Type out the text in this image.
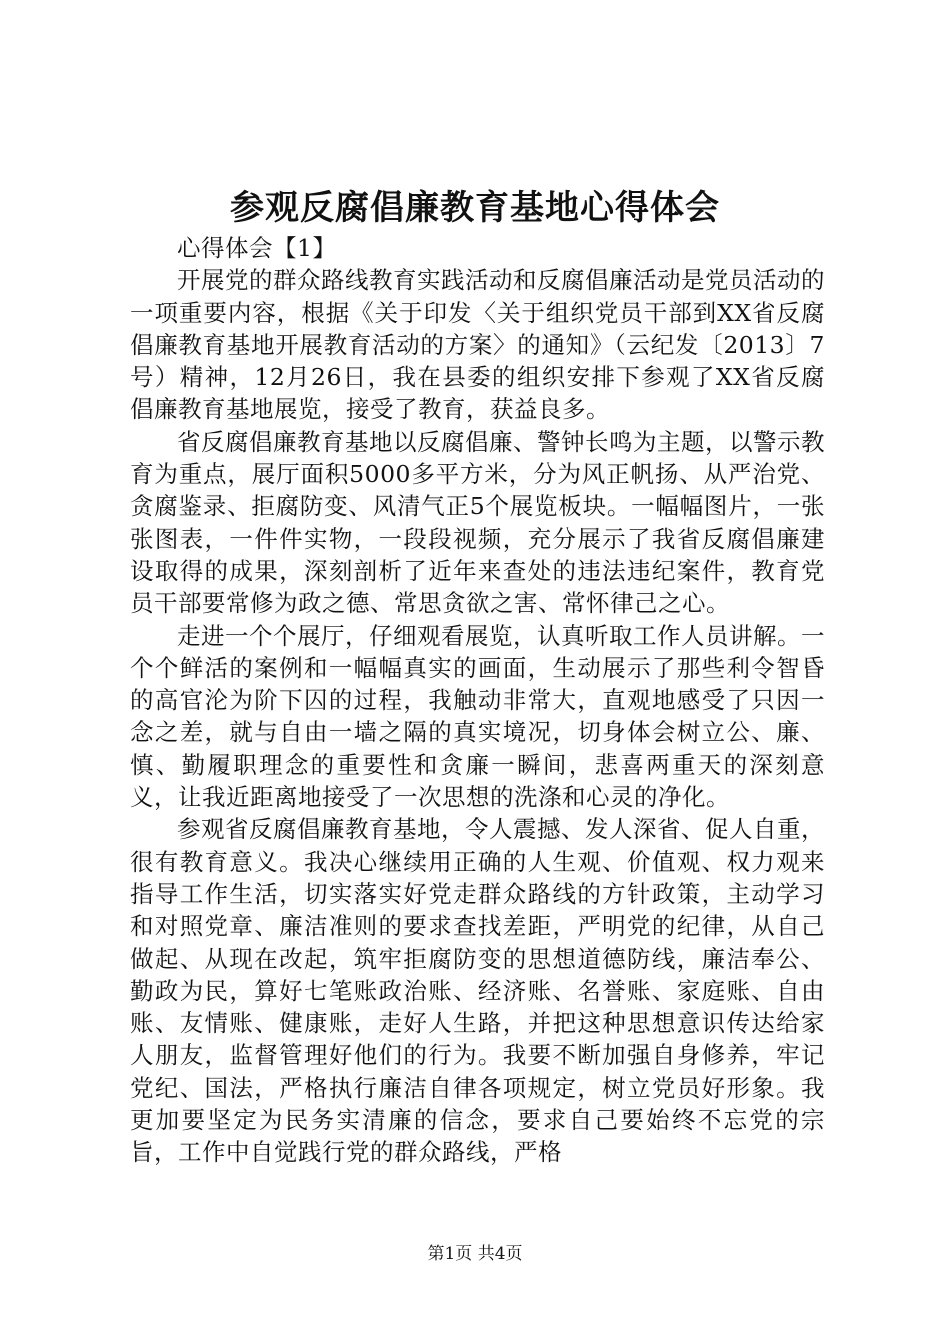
参观反腐倡廉教育基地心得体会

心得体会【1】

开展党的群众路线教育实践活动和反腐倡廉活动是党员活动的一项重要内容，根据《关于印发〈关于组织党员干部到XX省反腐倡廉教育基地开展教育活动的方案〉的通知》（云纪发〔2013〕7号）精神，12月26日，我在县委的组织安排下参观了XX省反腐倡廉教育基地展览，接受了教育，获益良多。

省反腐倡廉教育基地以反腐倡廉、警钟长鸣为主题，以警示教育为重点，展厅面积5000多平方米，分为风正帆扬、从严治党、贪腐鉴录、拒腐防变、风清气正5个展览板块。一幅幅图片，一张张图表，一件件实物，一段段视频，充分展示了我省反腐倡廉建设取得的成果，深刻剖析了近年来查处的违法违纪案件，教育党员干部要常修为政之德、常思贪欲之害、常怀律己之心。

走进一个个展厅，仔细观看展览，认真听取工作人员讲解。一个个鲜活的案例和一幅幅真实的画面，生动展示了那些利令智昏的高官沦为阶下囚的过程，我触动非常大，直观地感受了只因一念之差，就与自由一墙之隔的真实境况，切身体会树立公、廉、慎、勤履职理念的重要性和贪廉一瞬间，悲喜两重天的深刻意义，让我近距离地接受了一次思想的洗涤和心灵的净化。

参观省反腐倡廉教育基地，令人震撼、发人深省、促人自重，很有教育意义。我决心继续用正确的人生观、价值观、权力观来指导工作生活，切实落实好党走群众路线的方针政策，主动学习和对照党章、廉洁准则的要求查找差距，严明党的纪律，从自己做起、从现在改起，筑牢拒腐防变的思想道德防线，廉洁奉公、勤政为民，算好七笔账政治账、经济账、名誉账、家庭账、自由账、友情账、健康账，走好人生路，并把这种思想意识传达给家人朋友，监督管理好他们的行为。我要不断加强自身修养，牢记党纪、国法，严格执行廉洁自律各项规定，树立党员好形象。我更加要坚定为民务实清廉的信念，要求自己要始终不忘党的宗旨，工作中自觉践行党的群众路线，严格

第1页 共4页
